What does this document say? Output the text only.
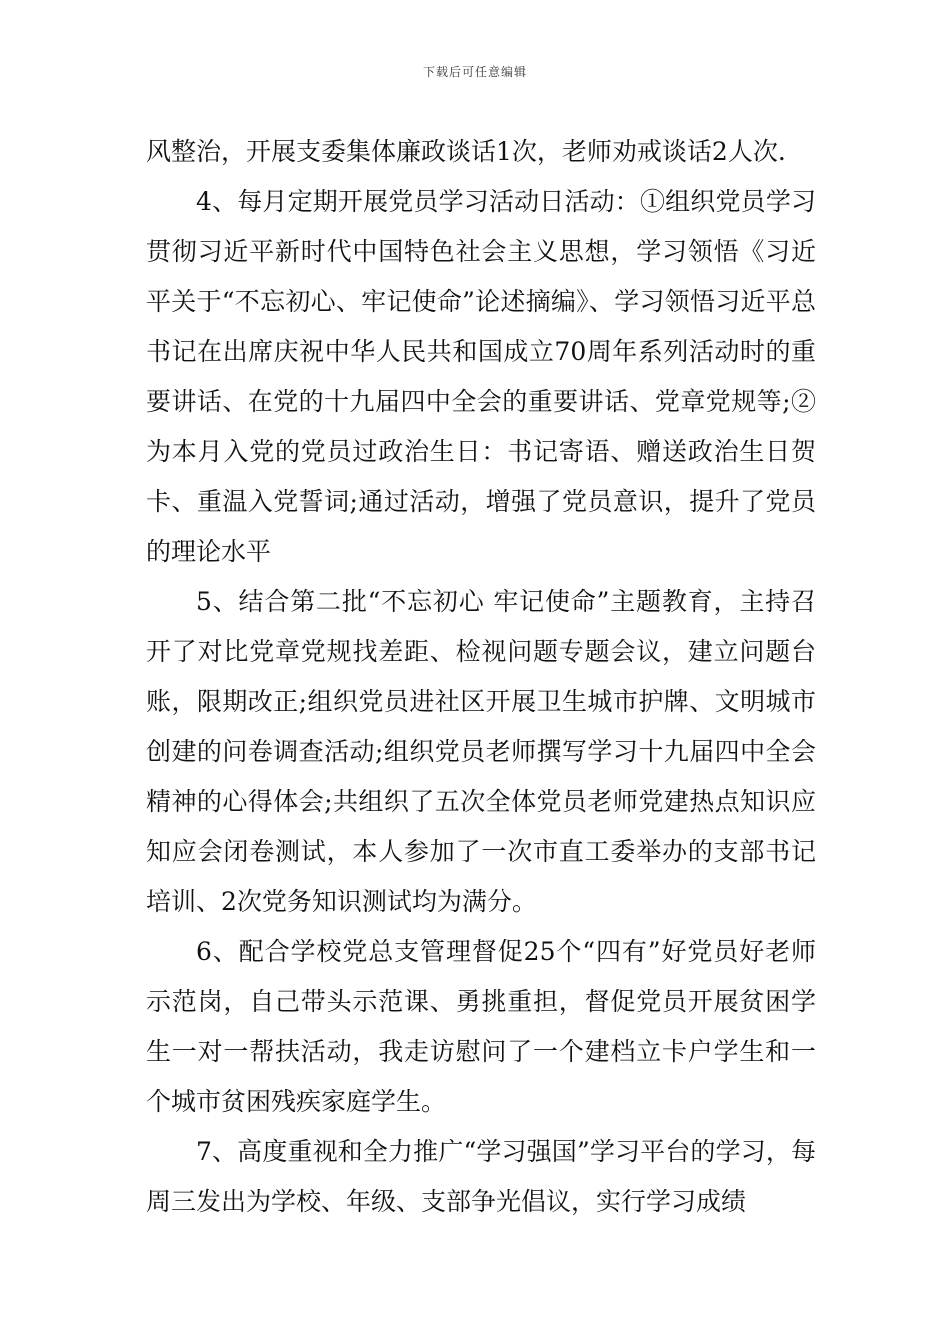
下载后可任意编辑

风整治，开展支委集体廉政谈话1次，老师劝戒谈话2人次.

4、每月定期开展党员学习活动日活动：①组织党员学习贯彻习近平新时代中国特色社会主义思想，学习领悟《习近平关于“不忘初心、牢记使命”论述摘编》、学习领悟习近平总书记在出席庆祝中华人民共和国成立70周年系列活动时的重要讲话、在党的十九届四中全会的重要讲话、党章党规等;② 为本月入党的党员过政治生日：书记寄语、赠送政治生日贺卡、重温入党誓词;通过活动，增强了党员意识，提升了党员的理论水平

5、结合第二批“不忘初心 牢记使命”主题教育，主持召开了对比党章党规找差距、检视问题专题会议，建立问题台账，限期改正;组织党员进社区开展卫生城市护牌、文明城市创建的问卷调查活动;组织党员老师撰写学习十九届四中全会精神的心得体会;共组织了五次全体党员老师党建热点知识应知应会闭卷测试，本人参加了一次市直工委举办的支部书记培训、2次党务知识测试均为满分。

6、配合学校党总支管理督促25个“四有”好党员好老师示范岗，自己带头示范课、勇挑重担，督促党员开展贫困学生一对一帮扶活动，我走访慰问了一个建档立卡户学生和一个城市贫困残疾家庭学生。

7、高度重视和全力推广“学习强国”学习平台的学习，每周三发出为学校、年级、支部争光倡议，实行学习成绩
